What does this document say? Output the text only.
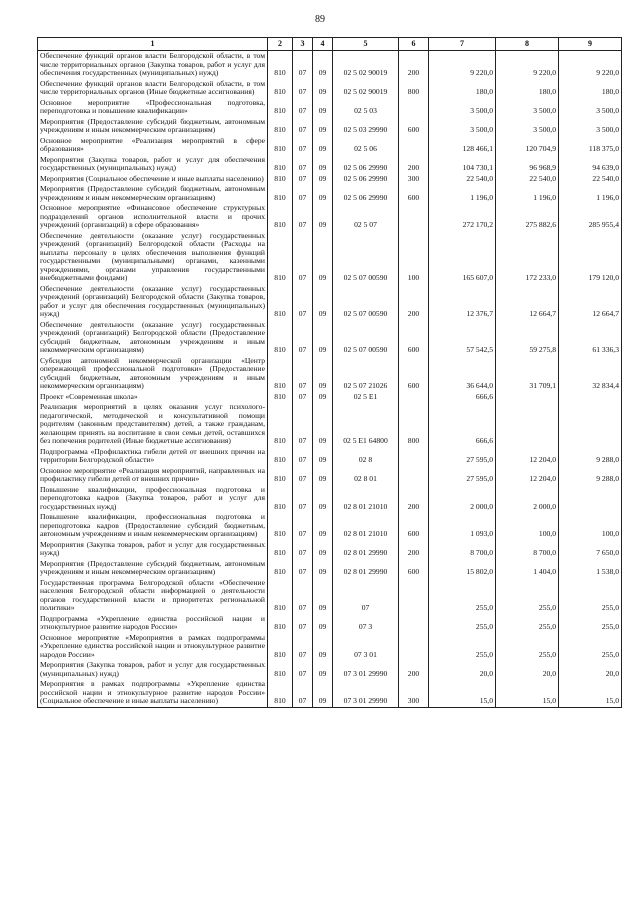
89
1	2	3	4	5	6	7	8	9
Обеспечение функций органов власти Белгородской области, в том числе территориальных органов (Закупка товаров, работ и услуг для обеспечения государственных (муниципальных) нужд)	810	07	09	02 5 02 90019	200	9 220,0	9 220,0	9 220,0
Обеспечение функций органов власти Белгородской области, в том числе территориальных органов (Иные бюджетные ассигнования)	810	07	09	02 5 02 90019	800	180,0	180,0	180,0
Основное мероприятие «Профессиональная подготовка, переподготовка и повышение квалификации»	810	07	09	02 5 03		3 500,0	3 500,0	3 500,0
Мероприятия (Предоставление субсидий бюджетным, автономным учреждениям и иным некоммерческим организациям)	810	07	09	02 5 03 29990	600	3 500,0	3 500,0	3 500,0
Основное мероприятие «Реализация мероприятий в сфере образования»	810	07	09	02 5 06		128 466,1	120 704,9	118 375,0
Мероприятия (Закупка товаров, работ и услуг для обеспечения государственных (муниципальных) нужд)	810	07	09	02 5 06 29990	200	104 730,1	96 968,9	94 639,0
Мероприятия (Социальное обеспечение и иные выплаты населению)	810	07	09	02 5 06 29990	300	22 540,0	22 540,0	22 540,0
Мероприятия (Предоставление субсидий бюджетным, автономным учреждениям и иным некоммерческим организациям)	810	07	09	02 5 06 29990	600	1 196,0	1 196,0	1 196,0
Основное мероприятие «Финансовое обеспечение структурных подразделений органов исполнительной власти и прочих учреждений (организаций) в сфере образования»	810	07	09	02 5 07		272 170,2	275 882,6	285 955,4
Обеспечение деятельности (оказание услуг) государственных учреждений (организаций) Белгородской области (Расходы на выплаты персоналу в целях обеспечения выполнения функций государственными (муниципальными) органами, казенными учреждениями, органами управления государственными внебюджетными фондами)	810	07	09	02 5 07 00590	100	165 607,0	172 233,0	179 120,0
Обеспечение деятельности (оказание услуг) государственных учреждений (организаций) Белгородской области (Закупка товаров, работ и услуг для обеспечения государственных (муниципальных) нужд)	810	07	09	02 5 07 00590	200	12 376,7	12 664,7	12 664,7
Обеспечение деятельности (оказание услуг) государственных учреждений (организаций) Белгородской области (Предоставление субсидий бюджетным, автономным учреждениям и иным некоммерческим организациям)	810	07	09	02 5 07 00590	600	57 542,5	59 275,8	61 336,3
Субсидия автономной некоммерческой организации «Центр опережающей профессиональной подготовки» (Предоставление субсидий бюджетным, автономным учреждениям и иным некоммерческим организациям)	810	07	09	02 5 07 21026	600	36 644,0	31 709,1	32 834,4
Проект «Современная школа»	810	07	09	02 5 E1		666,6		
Реализация мероприятий в целях оказания услуг психолого-педагогической, методической и консультативной помощи родителям (законным представителям) детей, а также гражданам, желающим принять на воспитание в свои семьи детей, оставшихся без попечения родителей (Иные бюджетные ассигнования)	810	07	09	02 5 E1 64800	800	666,6		
Подпрограмма «Профилактика гибели детей от внешних причин на территории Белгородской области»	810	07	09	02 8		27 595,0	12 204,0	9 288,0
Основное мероприятие «Реализация мероприятий, направленных на профилактику гибели детей от внешних причин»	810	07	09	02 8 01		27 595,0	12 204,0	9 288,0
Повышение квалификации, профессиональная подготовка и переподготовка кадров (Закупка товаров, работ и услуг для государственных нужд)	810	07	09	02 8 01 21010	200	2 000,0	2 000,0	
Повышение квалификации, профессиональная подготовка и переподготовка кадров (Предоставление субсидий бюджетным, автономным учреждениям и иным некоммерческим организациям)	810	07	09	02 8 01 21010	600	1 093,0	100,0	100,0
Мероприятия (Закупка товаров, работ и услуг для государственных нужд)	810	07	09	02 8 01 29990	200	8 700,0	8 700,0	7 650,0
Мероприятия (Предоставление субсидий бюджетным, автономным учреждениям и иным некоммерческим организациям)	810	07	09	02 8 01 29990	600	15 802,0	1 404,0	1 538,0
Государственная программа Белгородской области «Обеспечение населения Белгородской области информацией о деятельности органов государственной власти и приоритетах региональной политики»	810	07	09	07		255,0	255,0	255,0
Подпрограмма «Укрепление единства российской нации и этнокультурное развитие народов России»	810	07	09	07 3		255,0	255,0	255,0
Основное мероприятие «Мероприятия в рамках подпрограммы «Укрепление единства российской нации и этнокультурное развитие народов России»	810	07	09	07 3 01		255,0	255,0	255,0
Мероприятия (Закупка товаров, работ и услуг для государственных (муниципальных) нужд)	810	07	09	07 3 01 29990	200	20,0	20,0	20,0
Мероприятия в рамках подпрограммы «Укрепление единства российской нации и этнокультурное развитие народов России» (Социальное обеспечение и иные выплаты населению)	810	07	09	07 3 01 29990	300	15,0	15,0	15,0
